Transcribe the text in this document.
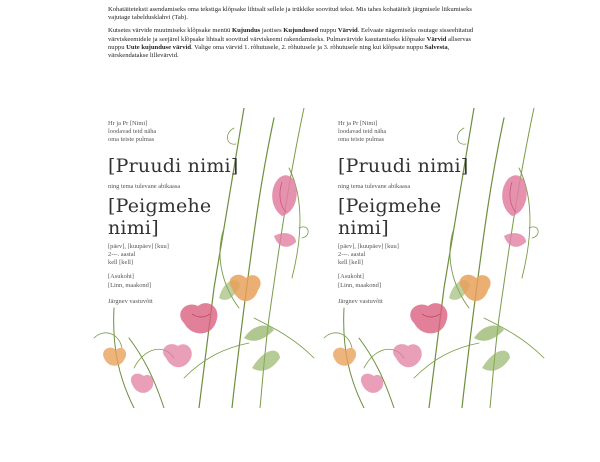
Kohatäiteteksti asendamiseks oma tekstiga klõpsake lihtsalt sellele ja trükkike soovitud tekst. Mis tahes kohatäitelt järgmisele liikumiseks vajutage tabeldusklahvi (Tab).

Kutsetes värvide muutmiseks klõpsake menüü Kujundus jaotises Kujundused nuppu Värvid. Eelvaate nägemiseks osutage sisseehitatud värviskeemidele ja seejärel klõpsake lihtsalt soovitud värviskeemi rakendamiseks. Pulmavärvide kasutamiseks klõpsake Värvid allservas nuppu Uute kujunduse värvid. Valige oma värvid 1. rõhutusele, 2. rõhutusele ja 3. rõhutusele ning kui klõpsate nuppu Salvesta, värskendatakse lillevärvid.

Hr ja Pr [Nimi]
loodavad teid näha
oma teiste pulmas
[Pruudi nimi]
ning tema tulevane abikaasa
[Peigmehe nimi]
[päev], [kuupäev] [kuu]
2---. aastal
kell [kell]
[Asukoht]
[Linn, maakond]
Järgnev vastuvõtt
Hr ja Pr [Nimi]
loodavad teid näha
oma teiste pulmas
[Pruudi nimi]
ning tema tulevane abikaasa
[Peigmehe nimi]
[päev], [kuupäev] [kuu]
2---. aastal
kell [kell]
[Asukoht]
[Linn, maakond]
Järgnev vastuvõtt
